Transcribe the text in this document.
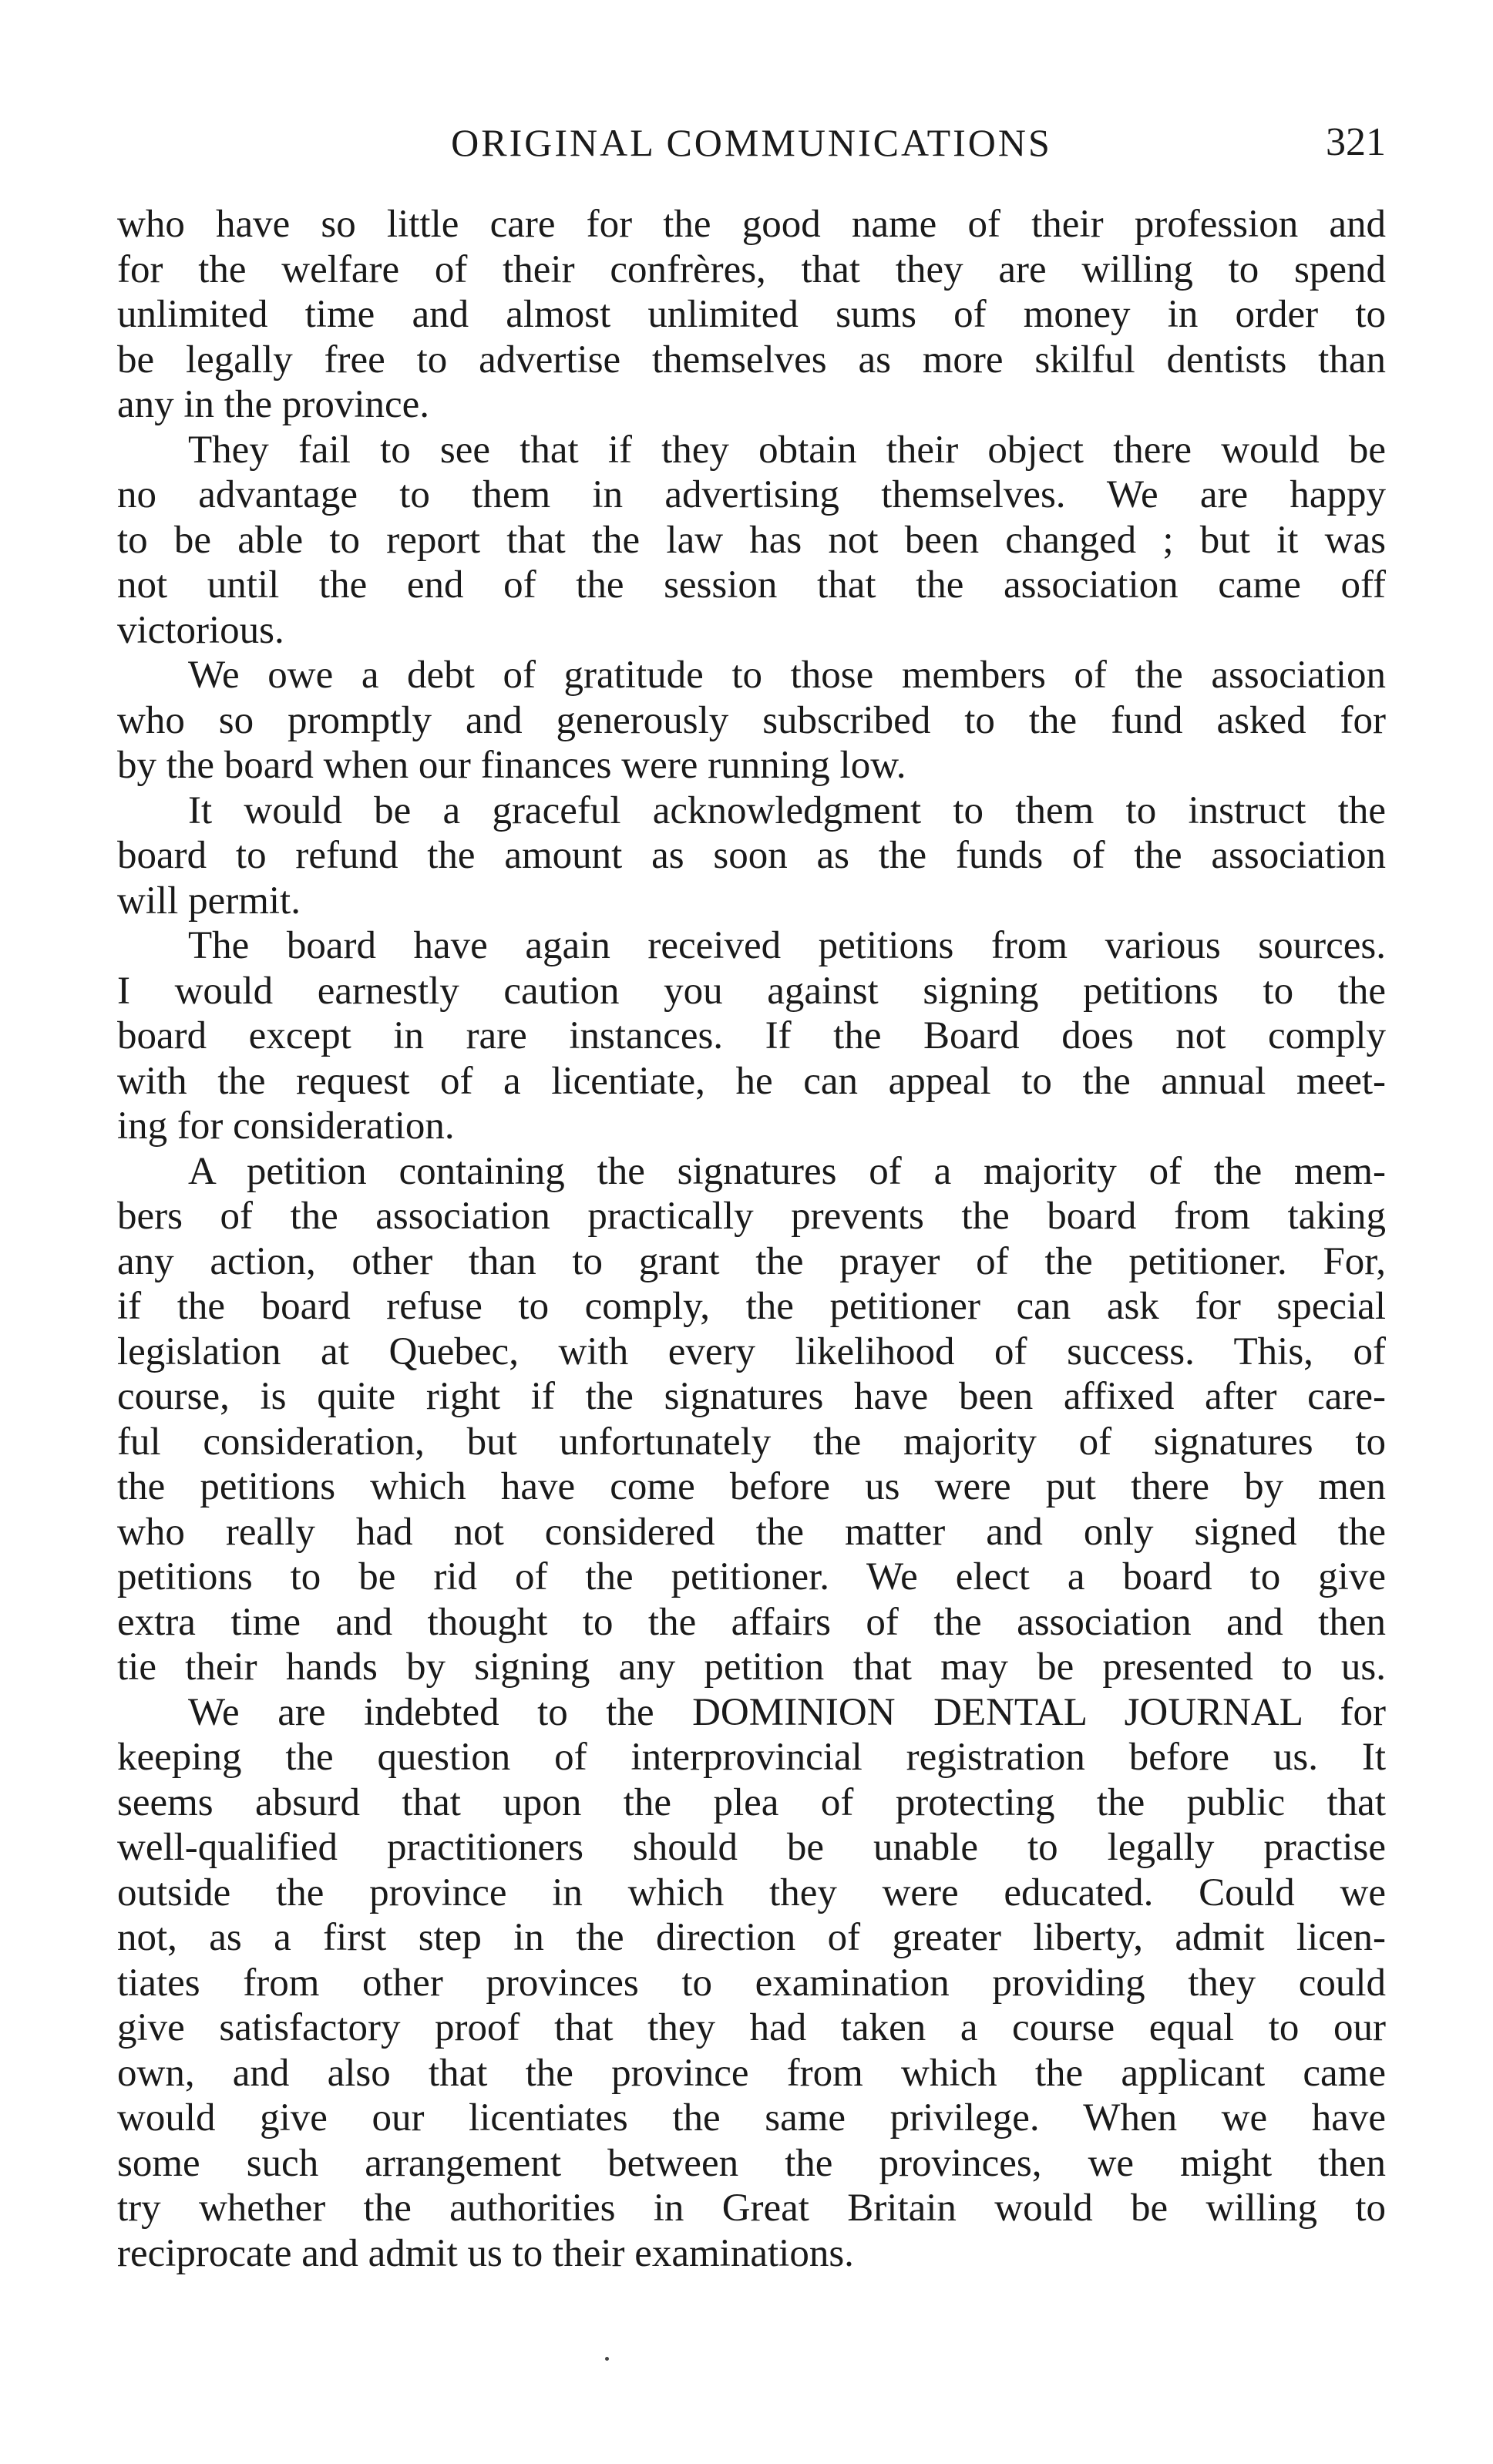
ORIGINAL COMMUNICATIONS	321
who have so little care for the good name of their profession and
for the welfare of their confrères, that they are willing to spend
unlimited time and almost unlimited sums of money in order to
be legally free to advertise themselves as more skilful dentists than
any in the province.
They fail to see that if they obtain their object there would be
no advantage to them in advertising themselves. We are happy
to be able to report that the law has not been changed ; but it was
not until the end of the session that the association came off
victorious.
We owe a debt of gratitude to those members of the association
who so promptly and generously subscribed to the fund asked for
by the board when our finances were running low.
It would be a graceful acknowledgment to them to instruct the
board to refund the amount as soon as the funds of the association
will permit.
The board have again received petitions from various sources.
I would earnestly caution you against signing petitions to the
board except in rare instances. If the Board does not comply
with the request of a licentiate, he can appeal to the annual meet-
ing for consideration.
A petition containing the signatures of a majority of the mem-
bers of the association practically prevents the board from taking
any action, other than to grant the prayer of the petitioner. For,
if the board refuse to comply, the petitioner can ask for special
legislation at Quebec, with every likelihood of success. This, of
course, is quite right if the signatures have been affixed after care-
ful consideration, but unfortunately the majority of signatures to
the petitions which have come before us were put there by men
who really had not considered the matter and only signed the
petitions to be rid of the petitioner. We elect a board to give
extra time and thought to the affairs of the association and then
tie their hands by signing any petition that may be presented to us.
We are indebted to the DOMINION DENTAL JOURNAL for
keeping the question of interprovincial registration before us. It
seems absurd that upon the plea of protecting the public that
well-qualified practitioners should be unable to legally practise
outside the province in which they were educated. Could we
not, as a first step in the direction of greater liberty, admit licen-
tiates from other provinces to examination providing they could
give satisfactory proof that they had taken a course equal to our
own, and also that the province from which the applicant came
would give our licentiates the same privilege. When we have
some such arrangement between the provinces, we might then
try whether the authorities in Great Britain would be willing to
reciprocate and admit us to their examinations.
